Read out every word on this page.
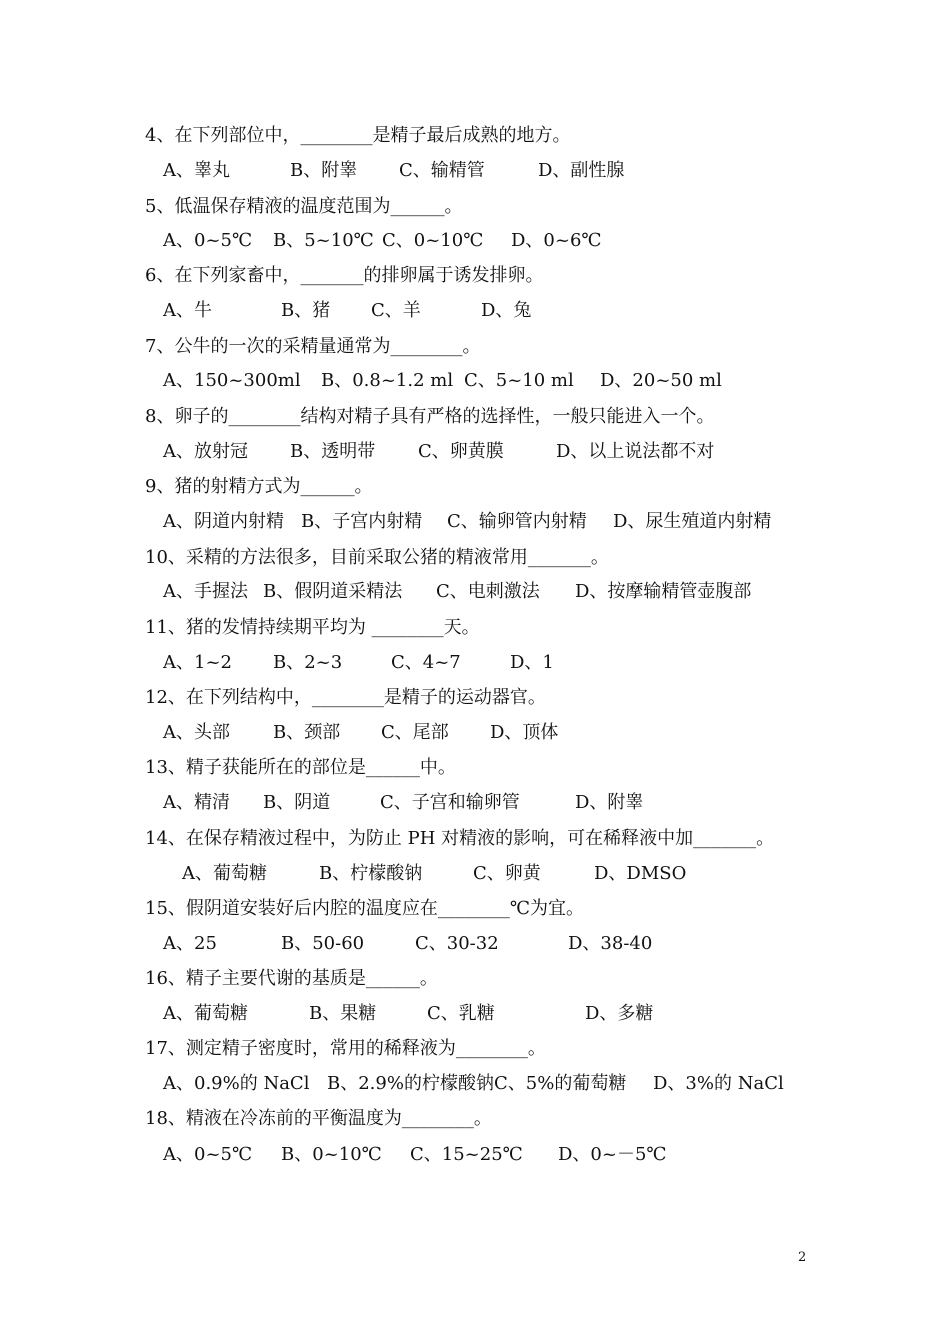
4、在下列部位中，________是精子最后成熟的地方。
A、睾丸	B、附睾 C、输精管	D、副性腺
5、低温保存精液的温度范围为______。
A、0~5℃ B、5~10℃ C、0~10℃ D、0~6℃
6、在下列家畜中，_______的排卵属于诱发排卵。
A、牛	B、猪 C、羊	D、兔
7、公牛的一次的采精量通常为________。
A、150~300ml B、0.8~1.2 ml C、5~10 ml D、20~50 ml
8、卵子的________结构对精子具有严格的选择性，一般只能进入一个。
A、放射冠 B、透明带 C、卵黄膜	D、以上说法都不对
9、猪的射精方式为______。
A、阴道内射精 B、子宫内射精 C、输卵管内射精 D、尿生殖道内射精
10、采精的方法很多，目前采取公猪的精液常用_______。
A、手握法 B、假阴道采精法 C、电刺激法 D、按摩输精管壶腹部
11、猪的发情持续期平均为 ________天。
A、1~2 B、2~3	C、4~7	D、1
12、在下列结构中，________是精子的运动器官。
A、头部 B、颈部 C、尾部 D、顶体
13、精子获能所在的部位是______中。
A、精清 B、阴道	C、子宫和输卵管	D、附睾
14、在保存精液过程中，为防止 PH 对精液的影响，可在稀释液中加_______。
A、葡萄糖	B、柠檬酸钠	C、卵黄	D、DMSO
15、假阴道安装好后内腔的温度应在________℃为宜。
A、25	B、50-60	C、30-32	D、38-40
16、精子主要代谢的基质是______。
A、葡萄糖	B、果糖	C、乳糖	D、多糖
17、测定精子密度时，常用的稀释液为________。
A、0.9%的 NaCl B、2.9%的柠檬酸钠 C、5%的葡萄糖 D、3%的 NaCl
18、精液在冷冻前的平衡温度为________。
A、0~5℃ B、0~10℃ C、15~25℃ D、0~－5℃
2
